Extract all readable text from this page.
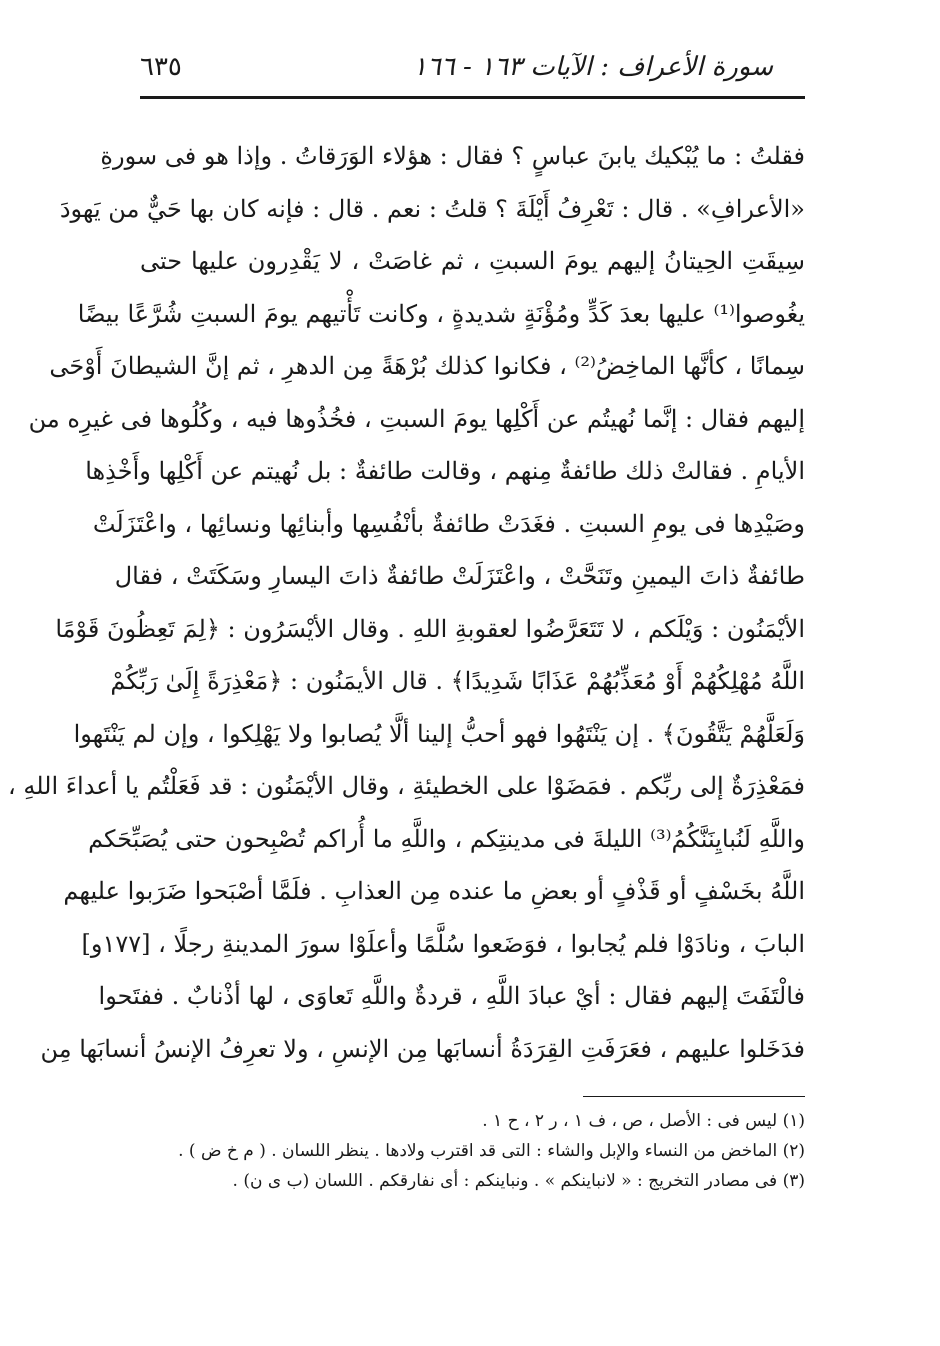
سورة الأعراف : الآيات ١٦٣ - ١٦٦
٦٣٥
فقلتُ : ما يُبْكيك يابنَ عباسٍ ؟ فقال : هؤلاء الوَرَقاتُ . وإذا هو فى سورةِ
«الأعرافِ» . قال : تَعْرِفُ أَيْلَةَ ؟ قلتُ : نعم . قال : فإنه كان بها حَيٌّ من يَهودَ
سِيقَتِ الحِيتانُ إليهم يومَ السبتِ ، ثم غاصَتْ ، لا يَقْدِرون عليها حتى
يغُوصوا⁽¹⁾ عليها بعدَ كَدٍّ ومُؤْنَةٍ شديدةٍ ، وكانت تَأْتيهم يومَ السبتِ شُرَّعًا بيضًا
سِمانًا ، كأنَّها الماخِضُ⁽²⁾ ، فكانوا كذلك بُرْهَةً مِن الدهرِ ، ثم إنَّ الشيطانَ أَوْحَى
إليهم فقال : إنَّما نُهيتُم عن أَكْلِها يومَ السبتِ ، فخُذُوها فيه ، وكُلُوها فى غيرِه من
الأيامِ . فقالتْ ذلك طائفةٌ مِنهم ، وقالت طائفةٌ : بل نُهيتم عن أَكْلِها وأَخْذِها
وصَيْدِها فى يومِ السبتِ . فغَدَتْ طائفةٌ بأنْفُسِها وأبنائِها ونسائِها ، واعْتَزَلَتْ
طائفةٌ ذاتَ اليمينِ وتَنَحَّتْ ، واعْتَزَلَتْ طائفةٌ ذاتَ اليسارِ وسَكَتَتْ ، فقال
الأيْمَنُون : وَيْلَكم ، لا تَتَعَرَّضُوا لعقوبةِ اللهِ . وقال الأيْسَرُون : ﴿لِمَ تَعِظُونَ قَوْمًا
اللَّهُ مُهْلِكُهُمْ أَوْ مُعَذِّبُهُمْ عَذَابًا شَدِيدًا﴾ . قال الأيمَنُون : ﴿مَعْذِرَةً إِلَىٰ رَبِّكُمْ
وَلَعَلَّهُمْ يَتَّقُونَ﴾ . إن يَنْتَهُوا فهو أحبُّ إلينا ألَّا يُصابوا ولا يَهْلِكوا ، وإن لم يَنْتَهوا
فمَعْذِرَةٌ إلى ربِّكم . فمَضَوْا على الخطيئةِ ، وقال الأيْمَنُون : قد فَعَلْتُم يا أعداءَ اللهِ ،
واللَّهِ لَنُبايِنَنَّكُمُ⁽³⁾ الليلةَ فى مدينتِكم ، واللَّهِ ما أُراكم تُصْبِحون حتى يُصَبِّحَكم
اللَّهُ بخَسْفٍ أو قَذْفٍ أو بعضِ ما عنده مِن العذابِ . فلَمَّا أصْبَحوا ضَرَبوا عليهم
البابَ ، ونادَوْا فلم يُجابوا ، فوَضَعوا سُلَّمًا وأعلَوْا سورَ المدينةِ رجلًا ، [١٧٧و]
فالْتَفَتَ إليهم فقال : أيْ عبادَ اللَّهِ ، قردةٌ واللَّهِ تَعاوَى ، لها أذْنابٌ . ففتَحوا
فدَخَلوا عليهم ، فعَرَفَتِ القِرَدَةُ أنسابَها مِن الإنسِ ، ولا تعرِفُ الإنسُ أنسابَها مِن
(١) ليس فى : الأصل ، ص ، ف ١ ، ر ٢ ، ح ١ .
(٢) الماخض من النساء والإبل والشاء : التى قد اقترب ولادها . ينظر اللسان . ( م خ ض ) .
(٣) فى مصادر التخريج : « لانباينكم » . ونباينكم : أى نفارقكم . اللسان (ب ى ن) .
